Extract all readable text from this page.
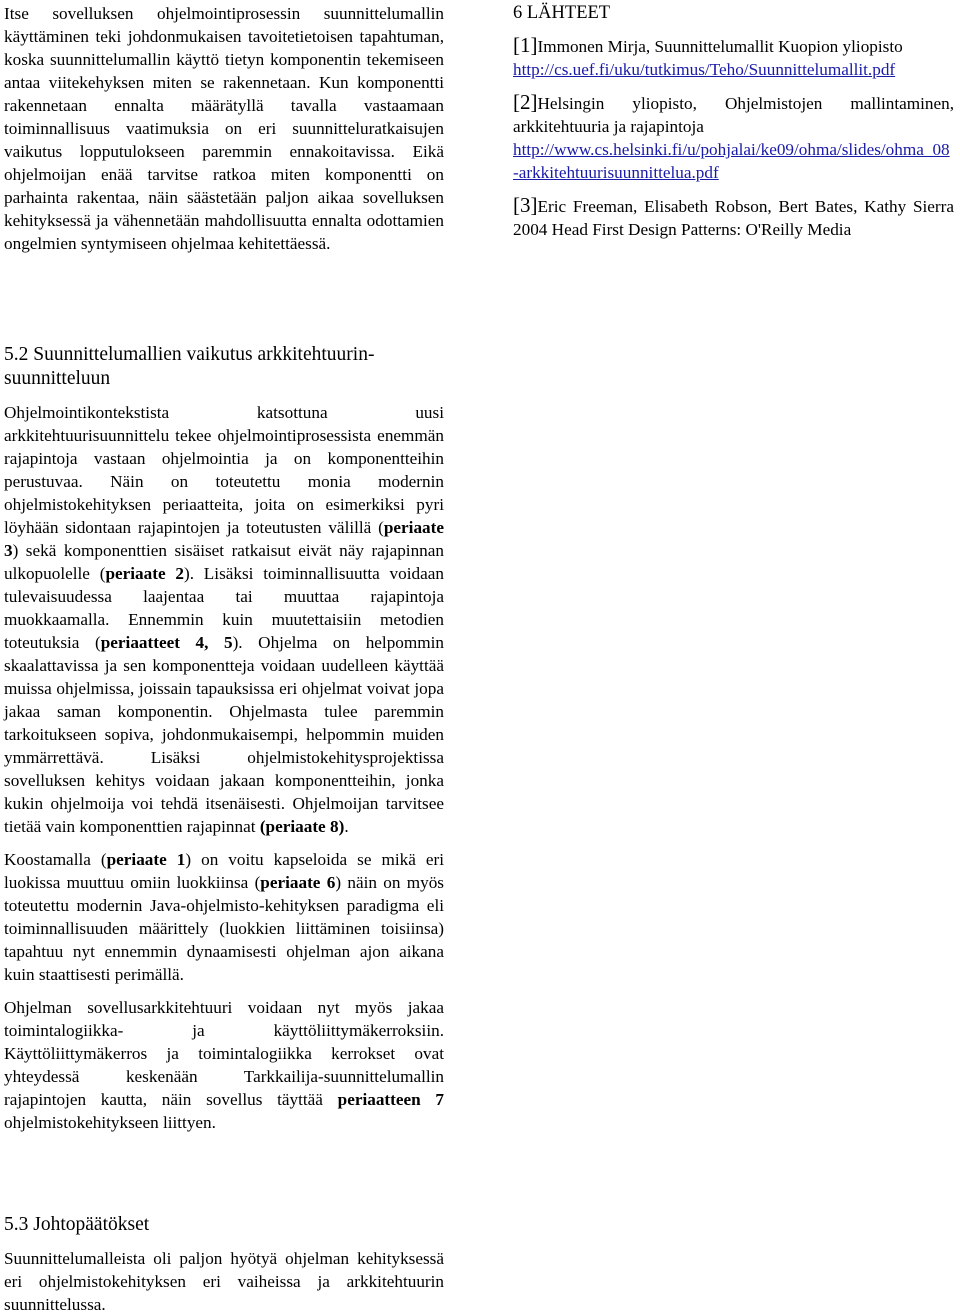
Itse sovelluksen ohjelmointiprosessin suunnittelumallin käyttäminen teki johdonmukaisen tavoitetietoisen tapahtuman, koska suunnittelumallin käyttö tietyn komponentin tekemiseen antaa viitekehyksen miten se rakennetaan. Kun komponentti rakennetaan ennalta määrätyllä tavalla vastaamaan toiminnallisuus vaatimuksia on eri suunnitteluratkaisujen vaikutus lopputulokseen paremmin ennakoitavissa. Eikä ohjelmoijan enää tarvitse ratkoa miten komponentti on parhainta rakentaa, näin säästetään paljon aikaa sovelluksen kehityksessä ja vähennetään mahdollisuutta ennalta odottamien ongelmien syntymiseen ohjelmaa kehitettäessä.

5.2 Suunnittelumallien vaikutus arkkitehtuurin-suunnitteluun

Ohjelmointikontekstista katsottuna uusi arkkitehtuurisuunnittelu tekee ohjelmointiprosessista enemmän rajapintoja vastaan ohjelmointia ja on komponentteihin perustuvaa. Näin on toteutettu monia modernin ohjelmistokehityksen periaatteita, joita on esimerkiksi pyri löyhään sidontaan rajapintojen ja toteutusten välillä (periaate 3) sekä komponenttien sisäiset ratkaisut eivät näy rajapinnan ulkopuolelle (periaate 2). Lisäksi toiminnallisuutta voidaan tulevaisuudessa laajentaa tai muuttaa rajapintoja muokkaamalla. Ennemmin kuin muutettaisiin metodien toteutuksia (periaatteet 4, 5). Ohjelma on helpommin skaalattavissa ja sen komponentteja voidaan uudelleen käyttää muissa ohjelmissa, joissain tapauksissa eri ohjelmat voivat jopa jakaa saman komponentin. Ohjelmasta tulee paremmin tarkoitukseen sopiva, johdonmukaisempi, helpommin muiden ymmärrettävä. Lisäksi ohjelmistokehitysprojektissa sovelluksen kehitys voidaan jakaan komponentteihin, jonka kukin ohjelmoija voi tehdä itsenäisesti. Ohjelmoijan tarvitsee tietää vain komponenttien rajapinnat (periaate 8).

Koostamalla (periaate 1) on voitu kapseloida se mikä eri luokissa muuttuu omiin luokkiinsa (periaate 6) näin on myös toteutettu modernin Java-ohjelmisto-kehityksen paradigma eli toiminnallisuuden määrittely (luokkien liittäminen toisiinsa) tapahtuu nyt ennemmin dynaamisesti ohjelman ajon aikana kuin staattisesti perimällä.

Ohjelman sovellusarkkitehtuuri voidaan nyt myös jakaa toimintalogiikka- ja käyttöliittymäkerroksiin. Käyttöliittymäkerros ja toimintalogiikka kerrokset ovat yhteydessä keskenään Tarkkailija-suunnittelumallin rajapintojen kautta, näin sovellus täyttää periaatteen 7 ohjelmistokehitykseen liittyen.

5.3 Johtopäätökset

Suunnittelumalleista oli paljon hyötyä ohjelman kehityksessä eri ohjelmistokehityksen eri vaiheissa ja arkkitehtuurin suunnittelussa.

6 LÄHTEET

[1]Immonen Mirja, Suunnittelumallit Kuopion yliopisto
http://cs.uef.fi/uku/tutkimus/Teho/Suunnittelumallit.pdf

[2]Helsingin yliopisto, Ohjelmistojen mallintaminen, arkkitehtuuria ja rajapintoja
http://www.cs.helsinki.fi/u/pohjalai/ke09/ohma/slides/ohma_08-arkkitehtuurisuunnittelua.pdf

[3]Eric Freeman, Elisabeth Robson, Bert Bates, Kathy Sierra 2004 Head First Design Patterns: O'Reilly Media
